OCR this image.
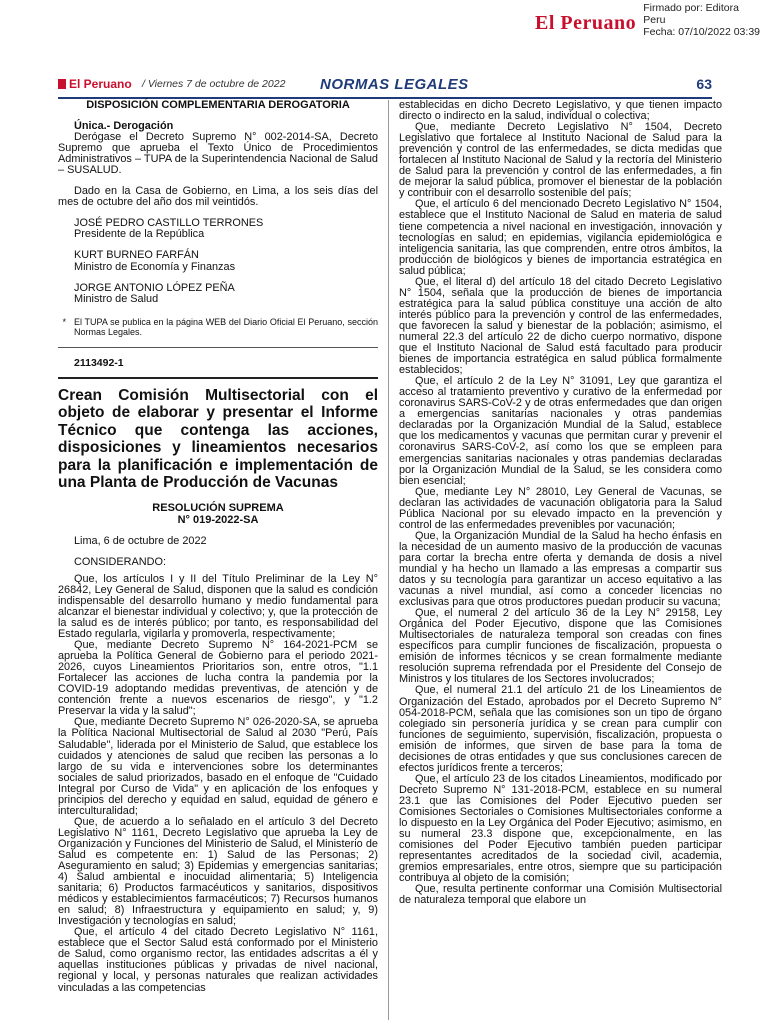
El Peruano
Firmado por: Editora
Peru
Fecha: 07/10/2022 03:39
El Peruano / Viernes 7 de octubre de 2022 NORMAS LEGALES	63

DISPOSICIÓN COMPLEMENTARIA DEROGATORIA

Única.- Derogación

Derógase el Decreto Supremo N° 002-2014-SA, Decreto Supremo que aprueba el Texto Único de Procedimientos Administrativos – TUPA de la Superintendencia Nacional de Salud – SUSALUD.

Dado en la Casa de Gobierno, en Lima, a los seis días del mes de octubre del año dos mil veintidós.

JOSÉ PEDRO CASTILLO TERRONES

Presidente de la República

KURT BURNEO FARFÁN

Ministro de Economía y Finanzas

JORGE ANTONIO LÓPEZ PEÑA

Ministro de Salud

* El TUPA se publica en la página WEB del Diario Oficial El Peruano, sección Normas Legales.

2113492-1

Crean Comisión Multisectorial con el objeto de elaborar y presentar el Informe Técnico que contenga las acciones, disposiciones y lineamientos necesarios para la planificación e implementación de una Planta de Producción de Vacunas

RESOLUCIÓN SUPREMA

N° 019-2022-SA

Lima, 6 de octubre de 2022

CONSIDERANDO:

Que, los artículos I y II del Título Preliminar de la Ley N° 26842, Ley General de Salud, disponen que la salud es condición indispensable del desarrollo humano y medio fundamental para alcanzar el bienestar individual y colectivo; y, que la protección de la salud es de interés público; por tanto, es responsabilidad del Estado regularla, vigilarla y promoverla, respectivamente;

Que, mediante Decreto Supremo N° 164-2021-PCM se aprueba la Política General de Gobierno para el periodo 2021-2026, cuyos Lineamientos Prioritarios son, entre otros, "1.1 Fortalecer las acciones de lucha contra la pandemia por la COVID-19 adoptando medidas preventivas, de atención y de contención frente a nuevos escenarios de riesgo", y "1.2 Preservar la vida y la salud";

Que, mediante Decreto Supremo N° 026-2020-SA, se aprueba la Política Nacional Multisectorial de Salud al 2030 "Perú, País Saludable", liderada por el Ministerio de Salud, que establece los cuidados y atenciones de salud que reciben las personas a lo largo de su vida e intervenciones sobre los determinantes sociales de salud priorizados, basado en el enfoque de "Cuidado Integral por Curso de Vida" y en aplicación de los enfoques y principios del derecho y equidad en salud, equidad de género e interculturalidad;

Que, de acuerdo a lo señalado en el artículo 3 del Decreto Legislativo N° 1161, Decreto Legislativo que aprueba la Ley de Organización y Funciones del Ministerio de Salud, el Ministerio de Salud es competente en: 1) Salud de las Personas; 2) Aseguramiento en salud; 3) Epidemias y emergencias sanitarias; 4) Salud ambiental e inocuidad alimentaria; 5) Inteligencia sanitaria; 6) Productos farmacéuticos y sanitarios, dispositivos médicos y establecimientos farmacéuticos; 7) Recursos humanos en salud; 8) Infraestructura y equipamiento en salud; y, 9) Investigación y tecnologías en salud;

Que, el artículo 4 del citado Decreto Legislativo N° 1161, establece que el Sector Salud está conformado por el Ministerio de Salud, como organismo rector, las entidades adscritas a él y aquellas instituciones públicas y privadas de nivel nacional, regional y local, y personas naturales que realizan actividades vinculadas a las competencias

establecidas en dicho Decreto Legislativo, y que tienen impacto directo o indirecto en la salud, individual o colectiva;

Que, mediante Decreto Legislativo N° 1504, Decreto Legislativo que fortalece al Instituto Nacional de Salud para la prevención y control de las enfermedades, se dicta medidas que fortalecen al Instituto Nacional de Salud y la rectoría del Ministerio de Salud para la prevención y control de las enfermedades, a fin de mejorar la salud pública, promover el bienestar de la población y contribuir con el desarrollo sostenible del país;

Que, el artículo 6 del mencionado Decreto Legislativo N° 1504, establece que el Instituto Nacional de Salud en materia de salud tiene competencia a nivel nacional en investigación, innovación y tecnologías en salud; en epidemias, vigilancia epidemiológica e inteligencia sanitaria, las que comprenden, entre otros ámbitos, la producción de biológicos y bienes de importancia estratégica en salud pública;

Que, el literal d) del artículo 18 del citado Decreto Legislativo N° 1504, señala que la producción de bienes de importancia estratégica para la salud pública constituye una acción de alto interés público para la prevención y control de las enfermedades, que favorecen la salud y bienestar de la población; asimismo, el numeral 22.3 del artículo 22 de dicho cuerpo normativo, dispone que el Instituto Nacional de Salud está facultado para producir bienes de importancia estratégica en salud pública formalmente establecidos;

Que, el artículo 2 de la Ley N° 31091, Ley que garantiza el acceso al tratamiento preventivo y curativo de la enfermedad por coronavirus SARS-CoV-2 y de otras enfermedades que dan origen a emergencias sanitarias nacionales y otras pandemias declaradas por la Organización Mundial de la Salud, establece que los medicamentos y vacunas que permitan curar y prevenir el coronavirus SARS-CoV-2, así como los que se empleen para emergencias sanitarias nacionales y otras pandemias declaradas por la Organización Mundial de la Salud, se les considera como bien esencial;

Que, mediante Ley N° 28010, Ley General de Vacunas, se declaran las actividades de vacunación obligatoria para la Salud Pública Nacional por su elevado impacto en la prevención y control de las enfermedades prevenibles por vacunación;

Que, la Organización Mundial de la Salud ha hecho énfasis en la necesidad de un aumento masivo de la producción de vacunas para cortar la brecha entre oferta y demanda de dosis a nivel mundial y ha hecho un llamado a las empresas a compartir sus datos y su tecnología para garantizar un acceso equitativo a las vacunas a nivel mundial, así como a conceder licencias no exclusivas para que otros productores puedan producir su vacuna;

Que, el numeral 2 del artículo 36 de la Ley N° 29158, Ley Orgánica del Poder Ejecutivo, dispone que las Comisiones Multisectoriales de naturaleza temporal son creadas con fines específicos para cumplir funciones de fiscalización, propuesta o emisión de informes técnicos y se crean formalmente mediante resolución suprema refrendada por el Presidente del Consejo de Ministros y los titulares de los Sectores involucrados;

Que, el numeral 21.1 del artículo 21 de los Lineamientos de Organización del Estado, aprobados por el Decreto Supremo N° 054-2018-PCM, señala que las comisiones son un tipo de órgano colegiado sin personería jurídica y se crean para cumplir con funciones de seguimiento, supervisión, fiscalización, propuesta o emisión de informes, que sirven de base para la toma de decisiones de otras entidades y que sus conclusiones carecen de efectos jurídicos frente a terceros;

Que, el artículo 23 de los citados Lineamientos, modificado por Decreto Supremo N° 131-2018-PCM, establece en su numeral 23.1 que las Comisiones del Poder Ejecutivo pueden ser Comisiones Sectoriales o Comisiones Multisectoriales conforme a lo dispuesto en la Ley Orgánica del Poder Ejecutivo; asimismo, en su numeral 23.3 dispone que, excepcionalmente, en las comisiones del Poder Ejecutivo también pueden participar representantes acreditados de la sociedad civil, academia, gremios empresariales, entre otros, siempre que su participación contribuya al objeto de la comisión;

Que, resulta pertinente conformar una Comisión Multisectorial de naturaleza temporal que elabore un
